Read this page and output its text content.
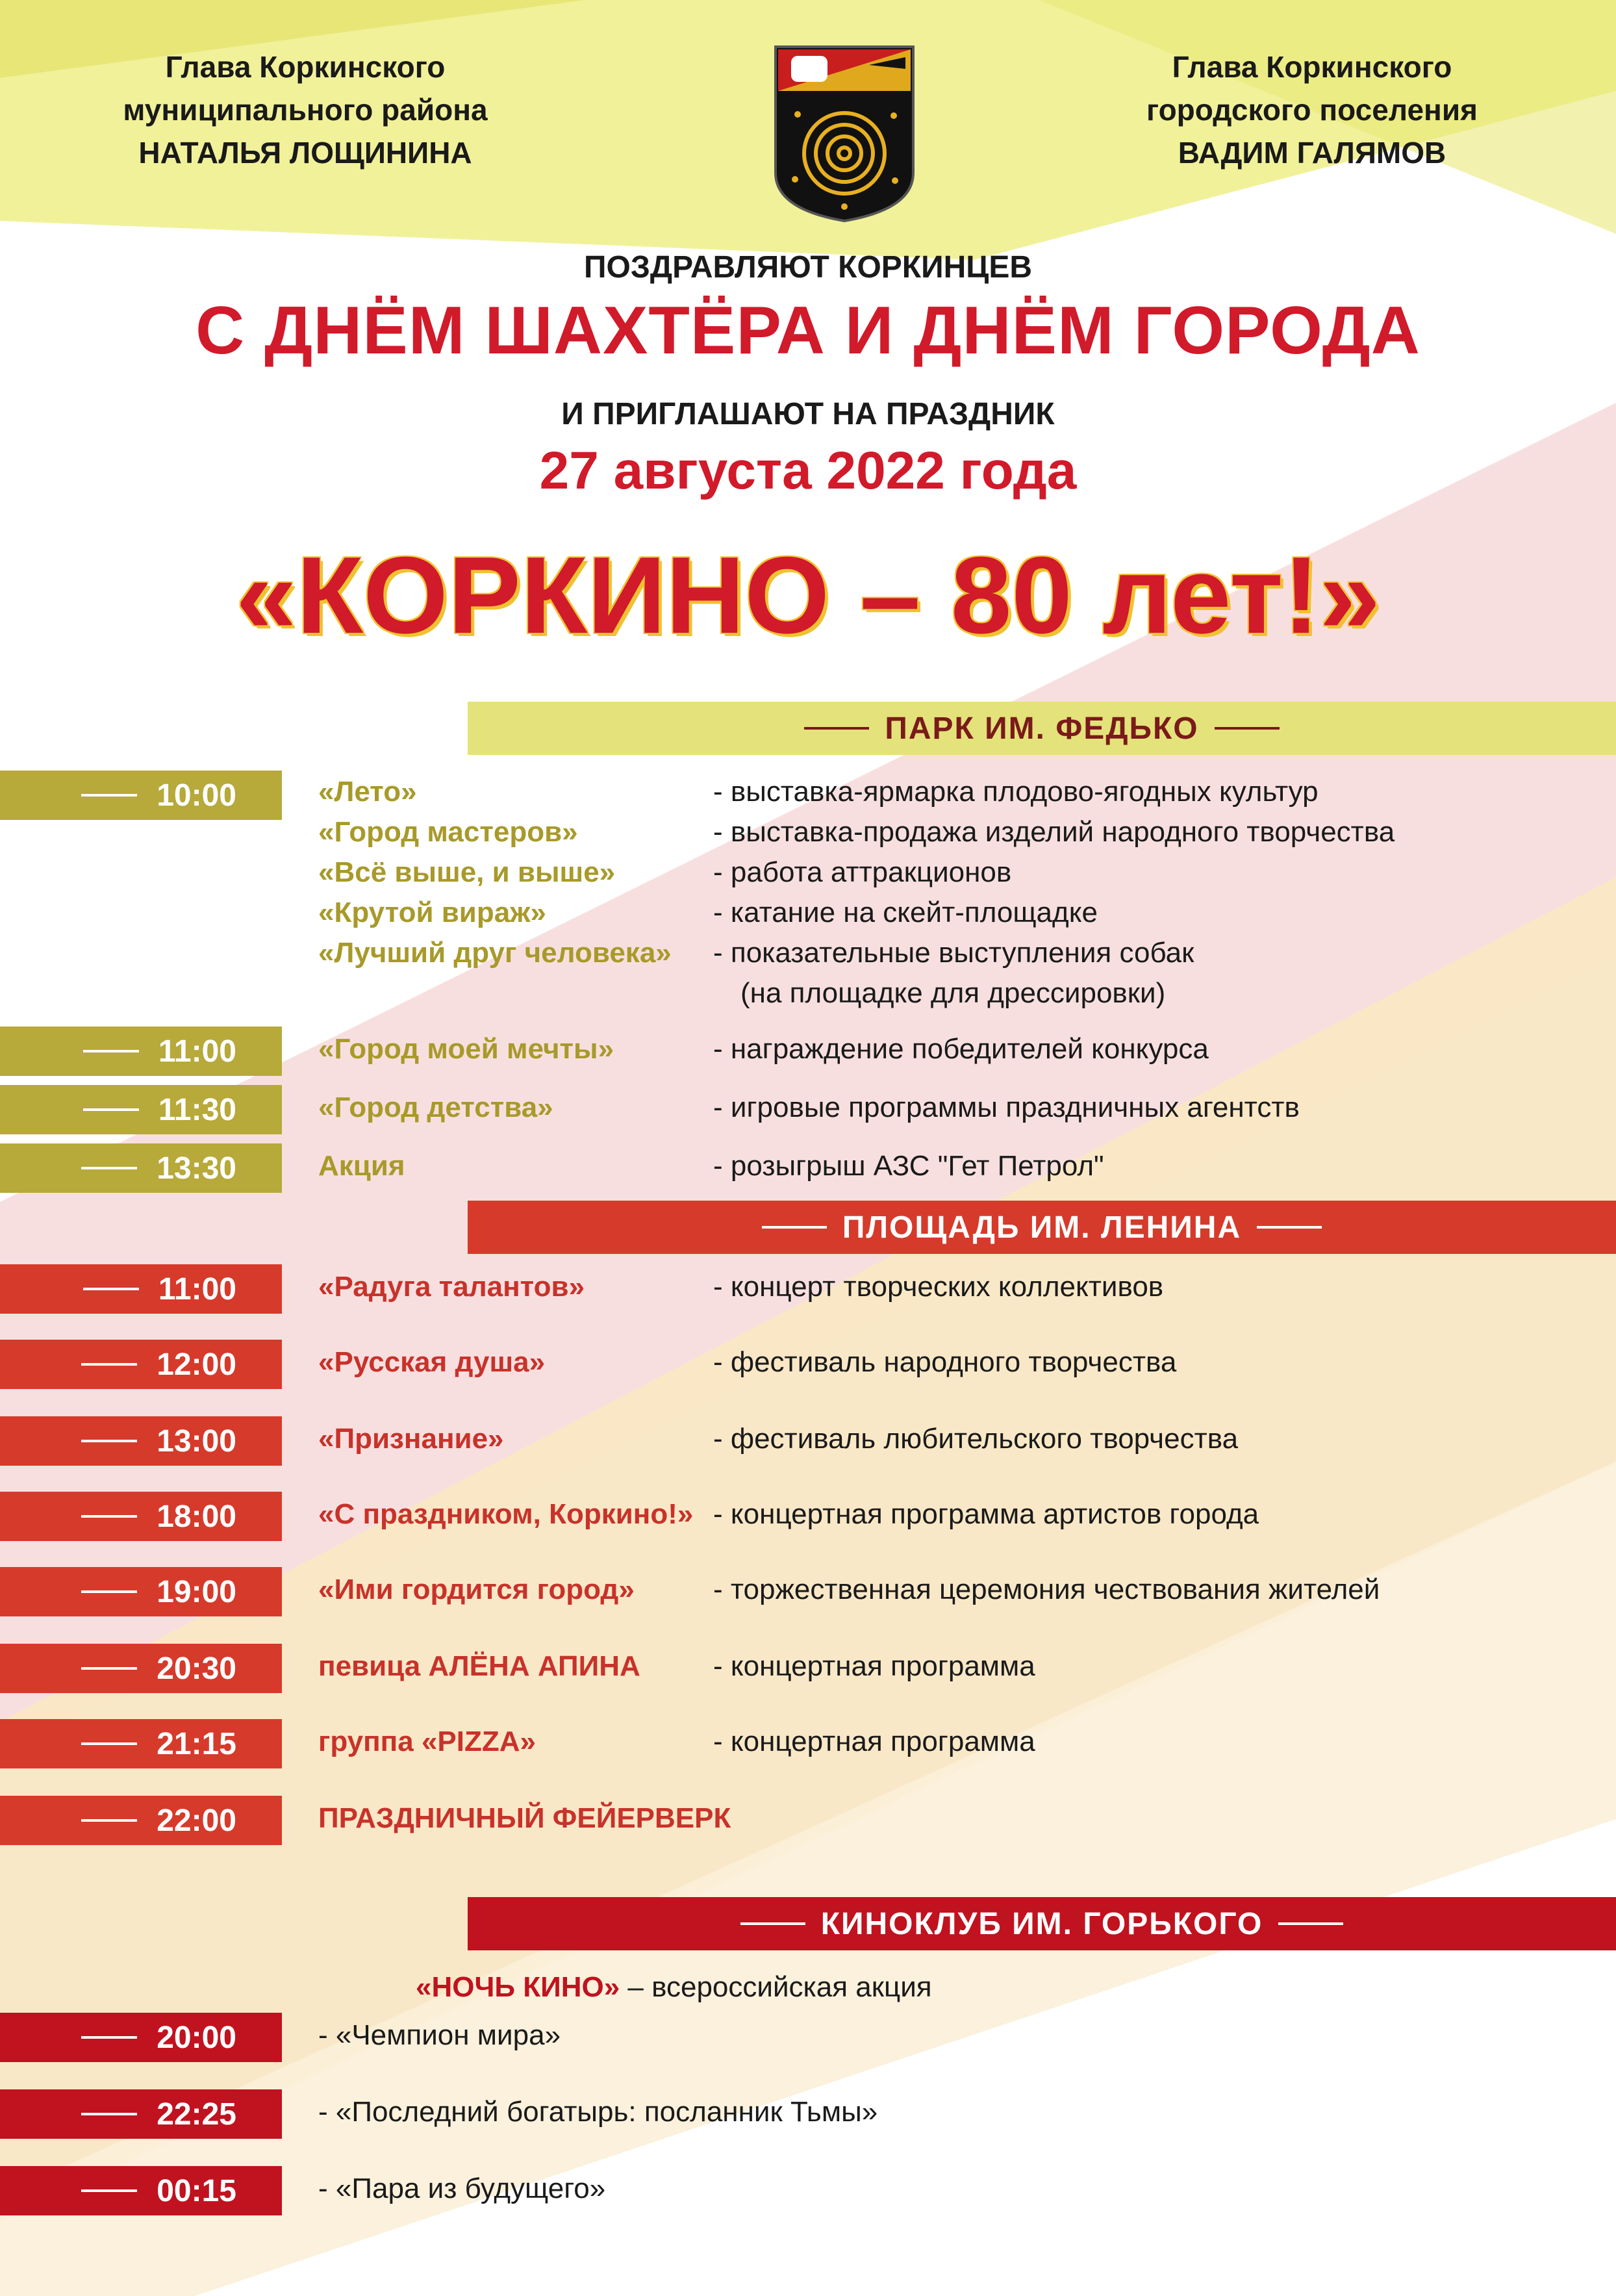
Глава Коркинского
муниципального района
НАТАЛЬЯ ЛОЩИНИНА
Глава Коркинского
городского поселения
ВАДИМ ГАЛЯМОВ
ПОЗДРАВЛЯЮТ КОРКИНЦЕВ
С ДНЁМ ШАХТЁРА И ДНЁМ ГОРОДА
И ПРИГЛАШАЮТ НА ПРАЗДНИК
27 августа 2022 года
«КОРКИНО – 80 лет!»
ПАРК ИМ. ФЕДЬКО
10:00	«Лето»	- выставка-ярмарка плодово-ягодных культур
«Город мастеров»	- выставка-продажа изделий народного творчества
«Всё выше, и выше»	- работа аттракционов
«Крутой вираж»	- катание на скейт-площадке
«Лучший друг человека» - показательные выступления собак
(на площадке для дрессировки)
11:00	«Город моей мечты»	- награждение победителей конкурса
11:30	«Город детства»	- игровые программы праздничных агентств
13:30	Акция	- розыгрыш АЗС "Гет Петрол"
ПЛОЩАДЬ ИМ. ЛЕНИНА
11:00	«Радуга талантов»	- концерт творческих коллективов
12:00	«Русская душа»	- фестиваль народного творчества
13:00	«Признание»	- фестиваль любительского творчества
18:00	«С праздником, Коркино!» - концертная программа артистов города
19:00	«Ими гордится город»	- торжественная церемония чествования жителей
20:30	певица АЛЁНА АПИНА	- концертная программа
21:15	группа «PIZZA»	- концертная программа
22:00	ПРАЗДНИЧНЫЙ ФЕЙЕРВЕРК
КИНОКЛУБ ИМ. ГОРЬКОГО
«НОЧЬ КИНО» – всероссийская акция
20:00	- «Чемпион мира»
22:25	- «Последний богатырь: посланник Тьмы»
00:15	- «Пара из будущего»
